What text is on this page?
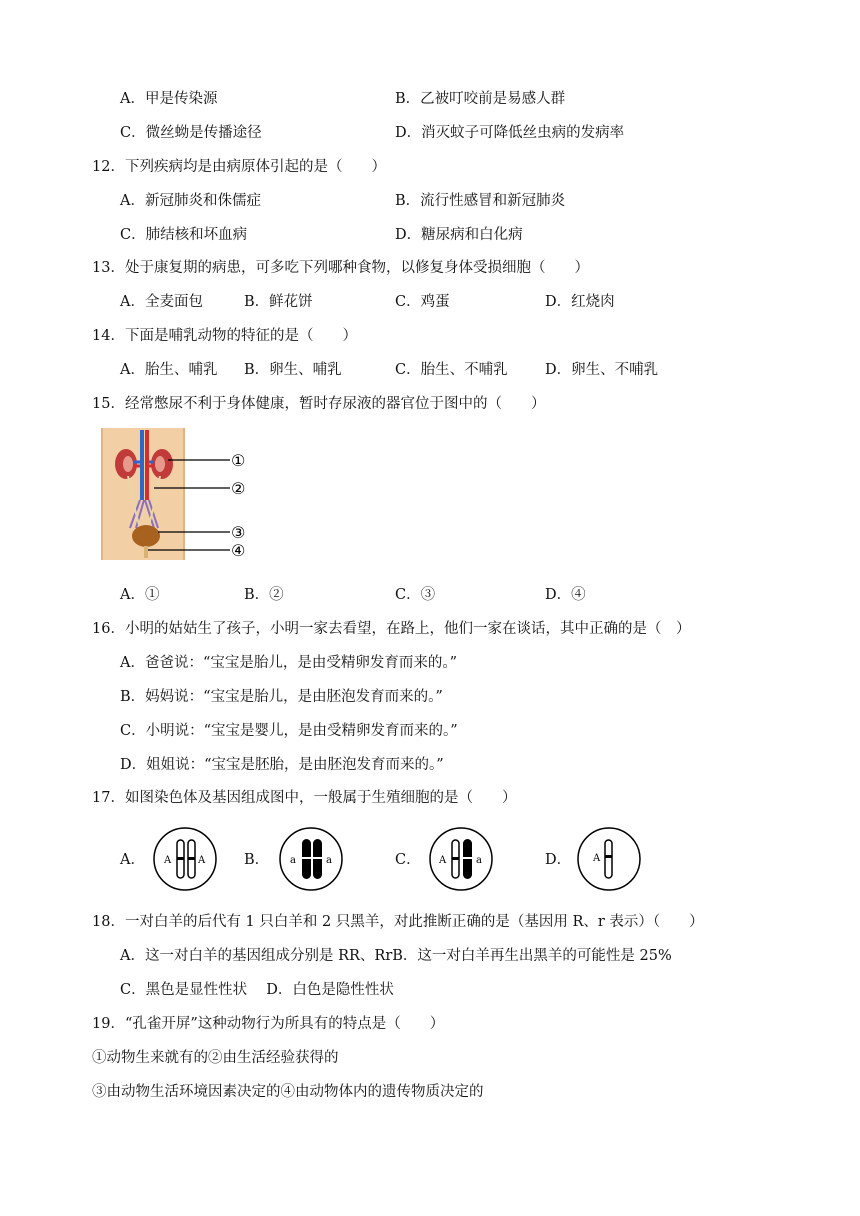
A．甲是传染源	B．乙被叮咬前是易感人群
C．微丝蚴是传播途径	D．消灭蚊子可降低丝虫病的发病率
12．下列疾病均是由病原体引起的是（　　）
A．新冠肺炎和侏儒症	B．流行性感冒和新冠肺炎
C．肺结核和坏血病	D．糖尿病和白化病
13．处于康复期的病患，可多吃下列哪种食物，以修复身体受损细胞（　　）
A．全麦面包	B．鲜花饼	C．鸡蛋	D．红烧肉
14．下面是哺乳动物的特征的是（　　）
A．胎生、哺乳 B．卵生、哺乳	C．胎生、不哺乳	D．卵生、不哺乳
15．经常憋尿不利于身体健康，暂时存尿液的器官位于图中的（　　）
①
②
③
④
A．①	B．②	C．③	D．④
16．小明的姑姑生了孩子，小明一家去看望，在路上，他们一家在谈话，其中正确的是（　）
A．爸爸说：“宝宝是胎儿，是由受精卵发育而来的。”
B．妈妈说：“宝宝是胎儿，是由胚泡发育而来的。”
C．小明说：“宝宝是婴儿，是由受精卵发育而来的。”
D．姐姐说：“宝宝是胚胎，是由胚泡发育而来的。”
17．如图染色体及基因组成图中，一般属于生殖细胞的是（　　）
A． A	A	B． a	a	C． A	a	D． A
18．一对白羊的后代有 1 只白羊和 2 只黑羊，对此推断正确的是（基因用 R、r 表示）（　　）
A．这一对白羊的基因组成分别是 RR、RrB．这一对白羊再生出黑羊的可能性是 25%
C．黑色是显性性状　 D．白色是隐性性状
19．“孔雀开屏”这种动物行为所具有的特点是（　　）
①动物生来就有的②由生活经验获得的
③由动物生活环境因素决定的④由动物体内的遗传物质决定的
